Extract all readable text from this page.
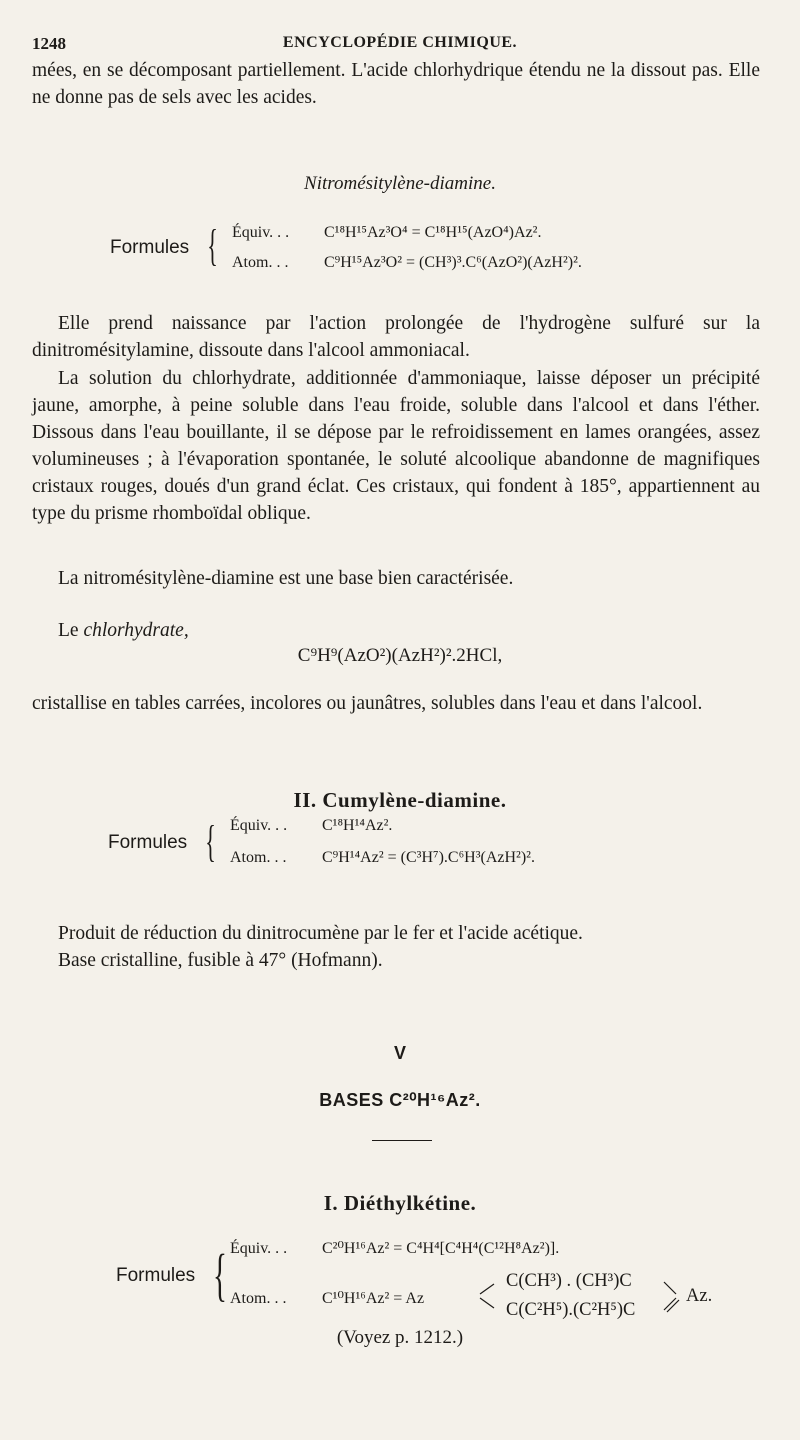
1248	ENCYCLOPÉDIE CHIMIQUE.

mées, en se décomposant partiellement. L'acide chlorhydrique étendu ne la dissout pas. Elle ne donne pas de sels avec les acides.

Nitromésitylène-diamine.
Formules { Équiv. . . C¹⁸H¹⁵Az³O⁴ = C¹⁸H¹⁵(AzO⁴)Az².
Atom. . . C⁹H¹⁵Az³O² = (CH³)³.C⁶(AzO²)(AzH²)².

Elle prend naissance par l'action prolongée de l'hydrogène sulfuré sur la dinitromésitylamine, dissoute dans l'alcool ammoniacal.

La solution du chlorhydrate, additionnée d'ammoniaque, laisse déposer un précipité jaune, amorphe, à peine soluble dans l'eau froide, soluble dans l'alcool et dans l'éther. Dissous dans l'eau bouillante, il se dépose par le refroidissement en lames orangées, assez volumineuses ; à l'évaporation spontanée, le soluté alcoolique abandonne de magnifiques cristaux rouges, doués d'un grand éclat. Ces cristaux, qui fondent à 185°, appartiennent au type du prisme rhomboïdal oblique.

La nitromésitylène-diamine est une base bien caractérisée.

Le chlorhydrate,
C⁹H⁹(AzO²)(AzH²)².2HCl,

cristallise en tables carrées, incolores ou jaunâtres, solubles dans l'eau et dans l'alcool.

II. Cumylène-diamine.
Formules { Équiv. . . C¹⁸H¹⁴Az².
Atom. . . C⁹H¹⁴Az² = (C³H⁷).C⁶H³(AzH²)².

Produit de réduction du dinitrocumène par le fer et l'acide acétique.

Base cristalline, fusible à 47° (Hofmann).

V
BASES C²⁰H¹⁶Az².
I. Diéthylkétine.
Formules { Équiv. . . C²⁰H¹⁶Az² = C⁴H⁴[C⁴H⁴(C¹²H⁸Az²)].
Atom. . . C¹⁰H¹⁶Az² = Az
C(CH³) . (CH³)C
C(C²H⁵).(C²H⁵)C
Az.
(Voyez p. 1212.)
